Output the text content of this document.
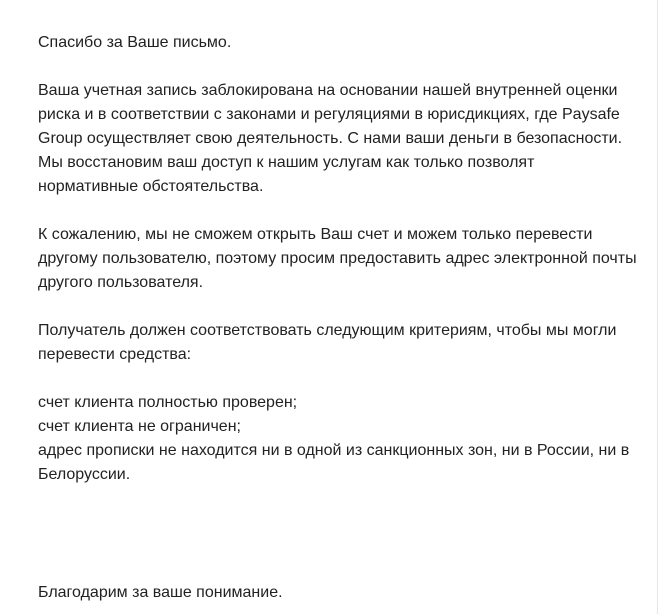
Спасибо за Ваше письмо.

Ваша учетная запись заблокирована на основании нашей внутренней оценки риска и в соответствии с законами и регуляциями в юрисдикциях, где Paysafe Group осуществляет свою деятельность. С нами ваши деньги в безопасности. Мы восстановим ваш доступ к нашим услугам как только позволят нормативные обстоятельства.

К сожалению, мы не сможем открыть Ваш счет и можем только перевести другому пользователю, поэтому просим предоставить адрес электронной почты другого пользователя.

Получатель должен соответствовать следующим критериям, чтобы мы могли перевести средства:

счет клиента полностью проверен;
счет клиента не ограничен;
адрес прописки не находится ни в одной из санкционных зон, ни в России, ни в Белоруссии.

Благодарим за ваше понимание.
